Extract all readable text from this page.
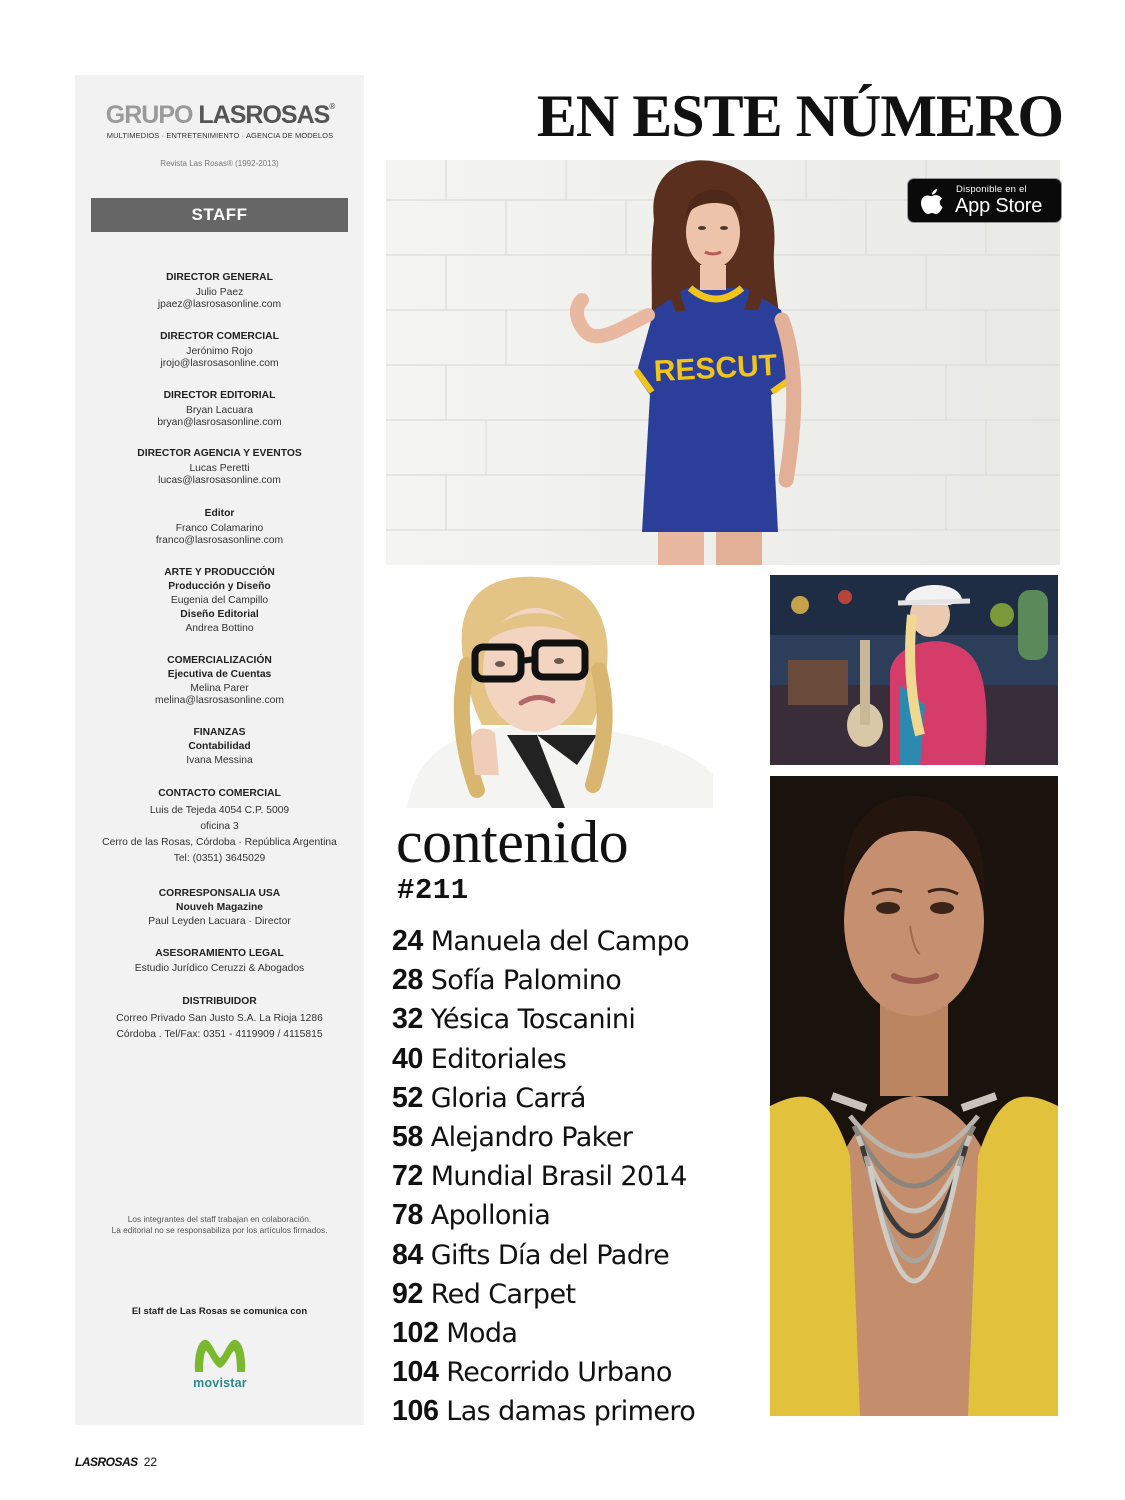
GRUPO LASROSAS®
MULTIMEDIOS · ENTRETENIMIENTO · AGENCIA DE MODELOS
Revista Las Rosas® (1992-2013)
STAFF
DIRECTOR GENERAL
Julio Paez
jpaez@lasrosasonline.com
DIRECTOR COMERCIAL
Jerónimo Rojo
jrojo@lasrosasonline.com
DIRECTOR EDITORIAL
Bryan Lacuara
bryan@lasrosasonline.com
DIRECTOR AGENCIA Y EVENTOS
Lucas Peretti
lucas@lasrosasonline.com
Editor
Franco Colamarino
franco@lasrosasonline.com
ARTE Y PRODUCCIÓN
Producción y Diseño
Eugenia del Campillo
Diseño Editorial
Andrea Bottino
COMERCIALIZACIÓN
Ejecutiva de Cuentas
Melina Parer
melina@lasrosasonline.com
FINANZAS
Contabilidad
Ivana Messina
CONTACTO COMERCIAL
Luis de Tejeda 4054 C.P. 5009
oficina 3
Cerro de las Rosas, Córdoba · República Argentina
Tel: (0351) 3645029
CORRESPONSALIA USA
Nouveh Magazine
Paul Leyden Lacuara · Director
ASESORAMIENTO LEGAL
Estudio Jurídico Ceruzzi & Abogados
DISTRIBUIDOR
Correo Privado San Justo S.A. La Rioja 1286
Córdoba . Tel/Fax: 0351 - 4119909 / 4115815
Los integrantes del staff trabajan en colaboración.
La editorial no se responsabiliza por los artículos firmados.
El staff de Las Rosas se comunica con
movistar
LASROSAS 22
EN ESTE NÚMERO
RESCUT
Disponible en el
App Store
contenido
#211
24 Manuela del Campo
28 Sofía Palomino
32 Yésica Toscanini
40 Editoriales
52 Gloria Carrá
58 Alejandro Paker
72 Mundial Brasil 2014
78 Apollonia
84 Gifts Día del Padre
92 Red Carpet
102 Moda
104 Recorrido Urbano
106 Las damas primero
